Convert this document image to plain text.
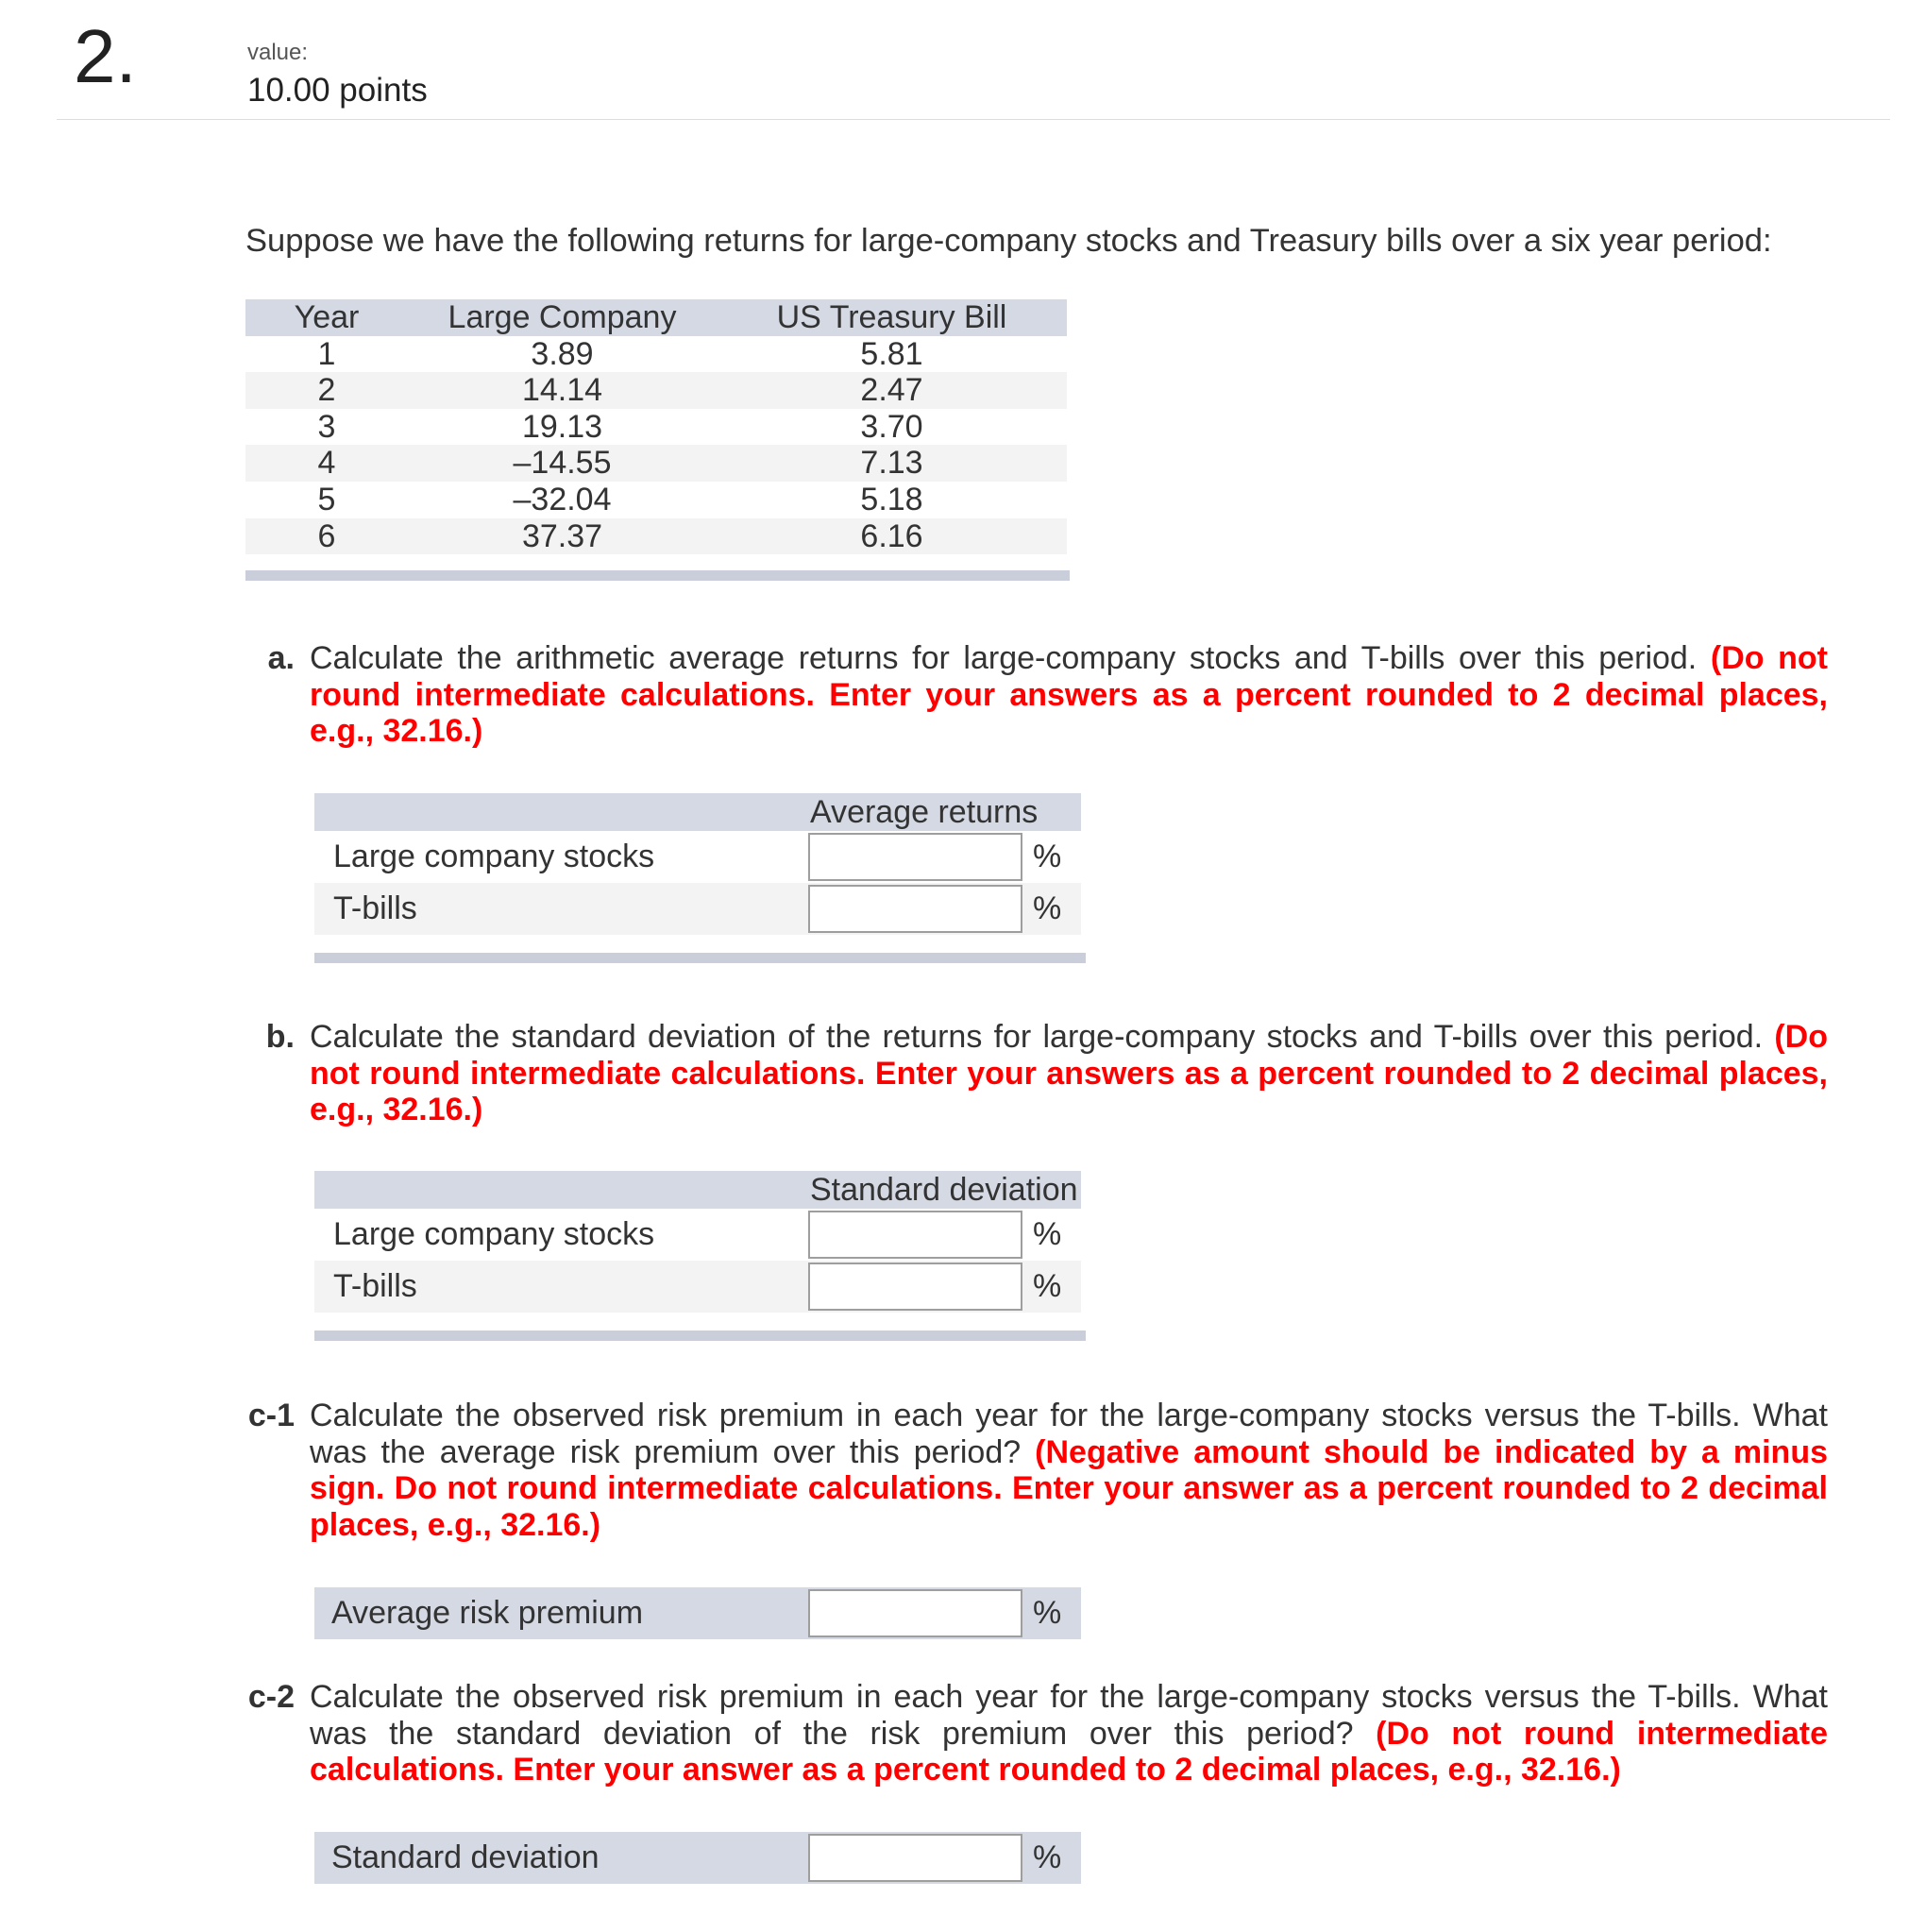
2.	value:
10.00 points
Suppose we have the following returns for large-company stocks and Treasury bills over a six year period:
Year	Large Company	US Treasury Bill
1	3.89	5.81
2	14.14	2.47
3	19.13	3.70
4	–14.55	7.13
5	–32.04	5.18
6	37.37	6.16
a. Calculate the arithmetic average returns for large-company stocks and T-bills over this period. (Do not round intermediate calculations. Enter your answers as a percent rounded to 2 decimal places, e.g., 32.16.)
Average returns
Large company stocks	%
T-bills	%
b. Calculate the standard deviation of the returns for large-company stocks and T-bills over this period. (Do not round intermediate calculations. Enter your answers as a percent rounded to 2 decimal places, e.g., 32.16.)
Standard deviation
Large company stocks	%
T-bills	%
c-1 Calculate the observed risk premium in each year for the large-company stocks versus the T-bills. What was the average risk premium over this period? (Negative amount should be indicated by a minus sign. Do not round intermediate calculations. Enter your answer as a percent rounded to 2 decimal places, e.g., 32.16.)
Average risk premium	%
c-2 Calculate the observed risk premium in each year for the large-company stocks versus the T-bills. What was the standard deviation of the risk premium over this period? (Do not round intermediate calculations. Enter your answer as a percent rounded to 2 decimal places, e.g., 32.16.)
Standard deviation	%
